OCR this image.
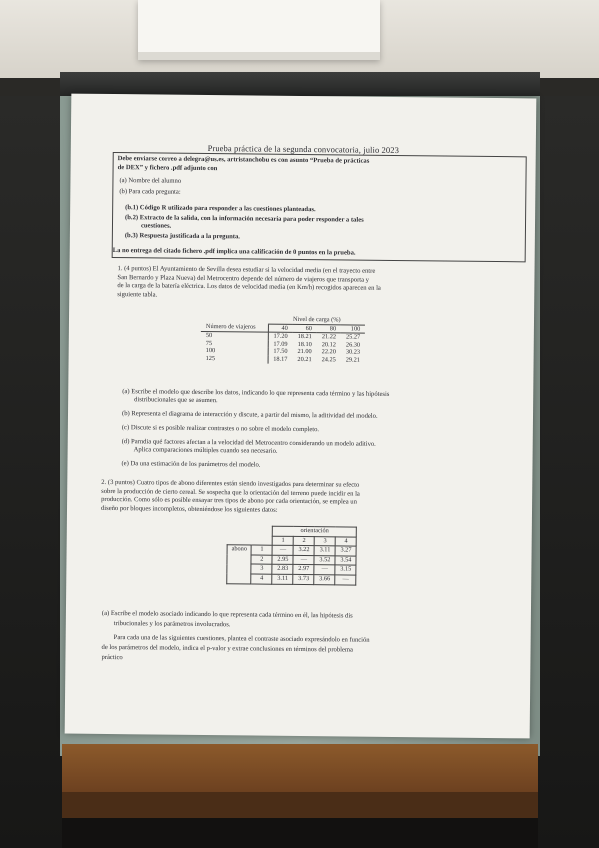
Prueba práctica de la segunda convocatoria, julio 2023
Debe enviarse correo a delegra@us.es, artristanchobu es con asunto “Prueba de prácticas
de DEX” y fichero .pdf adjunto con
(a) Nombre del alumno
(b) Para cada pregunta:
(b.1) Código R utilizado para responder a las cuestiones planteadas.
(b.2) Extracto de la salida, con la información necesaria para poder responder a tales
cuestiones.
(b.3) Respuesta justificada a la pregunta.
La no entrega del citado fichero .pdf implica una calificación de 0 puntos en la prueba.
1. (4 puntos) El Ayuntamiento de Sevilla desea estudiar si la velocidad media (en el trayecto entre
San Bernardo y Plaza Nueva) del Metrocentro depende del número de viajeros que transporta y
de la carga de la batería eléctrica. Los datos de velocidad media (en Km/h) recogidos aparecen en la
siguiente tabla.
	Nivel de carga (%)			
Número de viajeros	40	60	80	100
50	17.20	18.21	21.22	25.27
75	17.09	18.10	20.12	26.30
100	17.50	21.00	22.20	30.23
125	18.17	20.21	24.25	29.21
(a) Escribe el modelo que describe los datos, indicando lo que representa cada término y las hipótesis
distribucionales que se asumen.
(b) Representa el diagrama de interacción y discute, a partir del mismo, la aditividad del modelo.
(c) Discute si es posible realizar contrastes o no sobre el modelo completo.
(d) Parndia qué factores afectan a la velocidad del Metrocentro considerando un modelo aditivo.
Aplica comparaciones múltiples cuando sea necesario.
(e) Da una estimación de los parámetros del modelo.
2. (3 puntos) Cuatro tipos de abono diferentes están siendo investigados para determinar su efecto
sobre la producción de cierto cereal. Se sospecha que la orientación del terreno puede incidir en la
producción. Como sólo es posible ensayar tres tipos de abono por cada orientación, se emplea un
diseño por bloques incompletos, obteniéndose los siguientes datos:
		orientación			
		1	2	3	4
abono	1	—	3.22	3.11	3.27
	2	2.95	—	3.52	3.54
	3	2.83	2.97	—	3.15
	4	3.11	3.73	3.66	—
(a) Escribe el modelo asociado indicando lo que representa cada término en él, las hipótesis dis
tribucionales y los parámetros involucrados.
Para cada una de las siguientes cuestiones, plantea el contraste asociado expresándolo en función
de los parámetros del modelo, indica el p-valor y extrae conclusiones en términos del problema
práctico
